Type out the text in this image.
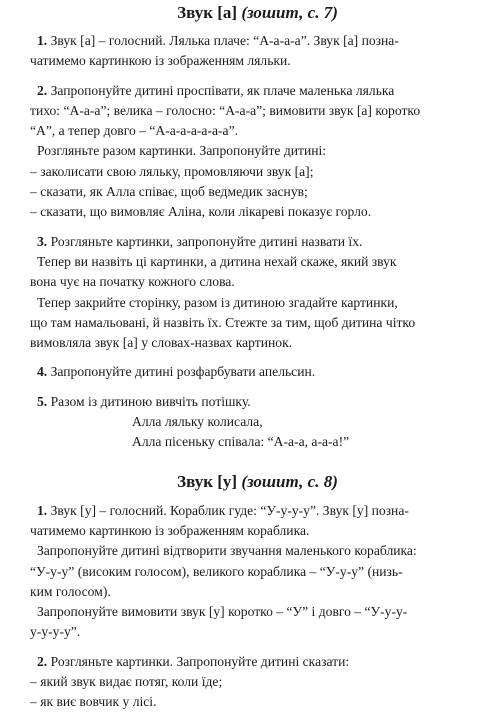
Звук [а] (зошит, с. 7)

1. Звук [а] – голосний. Лялька плаче: “А-а-а-а”. Звук [а] позна-

чатимемо картинкою із зображенням ляльки.

2. Запропонуйте дитині проспівати, як плаче маленька лялька

тихо: “А-а-а”; велика – голосно: “А-а-а”; вимовити звук [а] коротко

“А”, а тепер довго – “А-а-а-а-а-а-а”.

Розгляньте разом картинки. Запропонуйте дитині:

– заколисати свою ляльку, промовляючи звук [а];

– сказати, як Алла співає, щоб ведмедик заснув;

– сказати, що вимовляє Аліна, коли лікареві показує горло.

3. Розгляньте картинки, запропонуйте дитині назвати їх.

Тепер ви назвіть ці картинки, а дитина нехай скаже, який звук

вона чує на початку кожного слова.

Тепер закрийте сторінку, разом із дитиною згадайте картинки,

що там намальовані, й назвіть їх. Стежте за тим, щоб дитина чітко

вимовляла звук [а] у словах-назвах картинок.

4. Запропонуйте дитині розфарбувати апельсин.

5. Разом із дитиною вивчіть потішку.

Алла ляльку колисала,

Алла пісеньку співала: “А-а-а, а-а-а!”

Звук [у] (зошит, с. 8)

1. Звук [у] – голосний. Кораблик гуде: “У-у-у-у”. Звук [у] позна-

чатимемо картинкою із зображенням кораблика.

Запропонуйте дитині відтворити звучання маленького кораблика:

“У-у-у” (високим голосом), великого кораблика – “У-у-у” (низь-

ким голосом).

Запропонуйте вимовити звук [у] коротко – “У” і довго – “У-у-у-

у-у-у-у”.

2. Розгляньте картинки. Запропонуйте дитині сказати:

– який звук видає потяг, коли їде;

– як виє вовчик у лісі.
